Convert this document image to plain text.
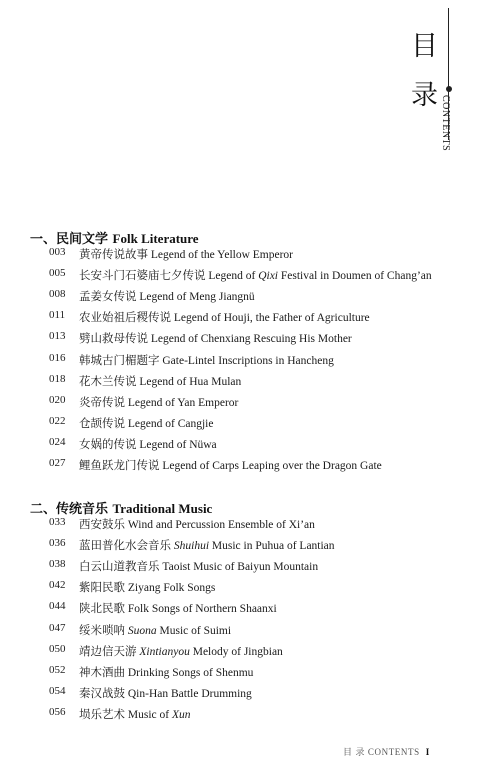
目
录 CONTENTS
一、民间文学 Folk Literature
003 黄帝传说故事 Legend of the Yellow Emperor
005 长安斗门石婆庙七夕传说 Legend of Qixi Festival in Doumen of Chang’an
008 孟姜女传说 Legend of Meng Jiangnü
011 农业始祖后稷传说 Legend of Houji, the Father of Agriculture
013 劈山救母传说 Legend of Chenxiang Rescuing His Mother
016 韩城古门楣题字 Gate-Lintel Inscriptions in Hancheng
018 花木兰传说 Legend of Hua Mulan
020 炎帝传说 Legend of Yan Emperor
022 仓颉传说 Legend of Cangjie
024 女娲的传说 Legend of Nüwa
027 鲤鱼跃龙门传说 Legend of Carps Leaping over the Dragon Gate
二、传统音乐 Traditional Music
033 西安鼓乐 Wind and Percussion Ensemble of Xi’an
036 蓝田普化水会音乐 Shuihui Music in Puhua of Lantian
038 白云山道教音乐 Taoist Music of Baiyun Mountain
042 紫阳民歌 Ziyang Folk Songs
044 陕北民歌 Folk Songs of Northern Shaanxi
047 绥米唢呐 Suona Music of Suimi
050 靖边信天游 Xintianyou Melody of Jingbian
052 神木酒曲 Drinking Songs of Shenmu
054 秦汉战鼓 Qin-Han Battle Drumming
056 埙乐艺术 Music of Xun
目 录 CONTENTS I
